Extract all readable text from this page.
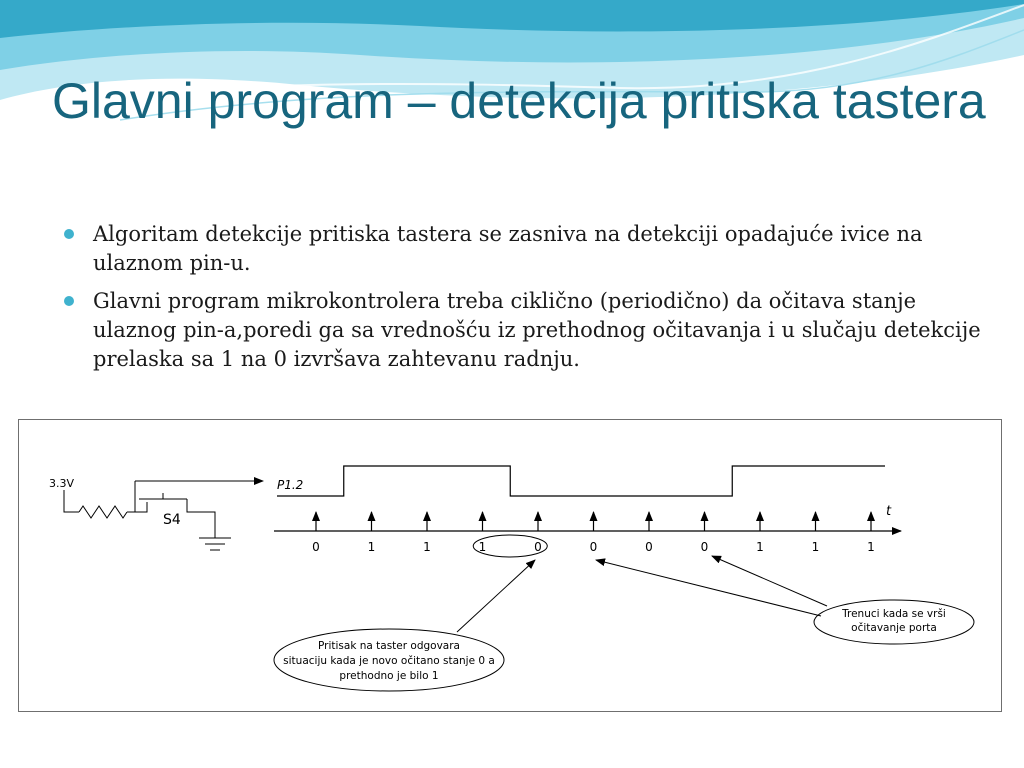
Glavni program – detekcija pritiska tastera
Algoritam detekcije pritiska tastera se zasniva na detekciji opadajuće ivice na ulaznom pin-u.
Glavni program mikrokontrolera treba ciklično (periodično) da očitava stanje ulaznog pin-a,poredi ga sa vrednošću iz prethodnog očitavanja i u slučaju detekcije prelaska sa 1 na 0 izvršava zahtevanu radnju.
3.3V
S4
P1.2
t
0	1	1	1	0	0	0	0	1	1	1
Trenuci kada se vrši
očitavanje porta
Pritisak na taster odgovara
situaciju kada je novo očitano stanje 0 a
prethodno je bilo 1
